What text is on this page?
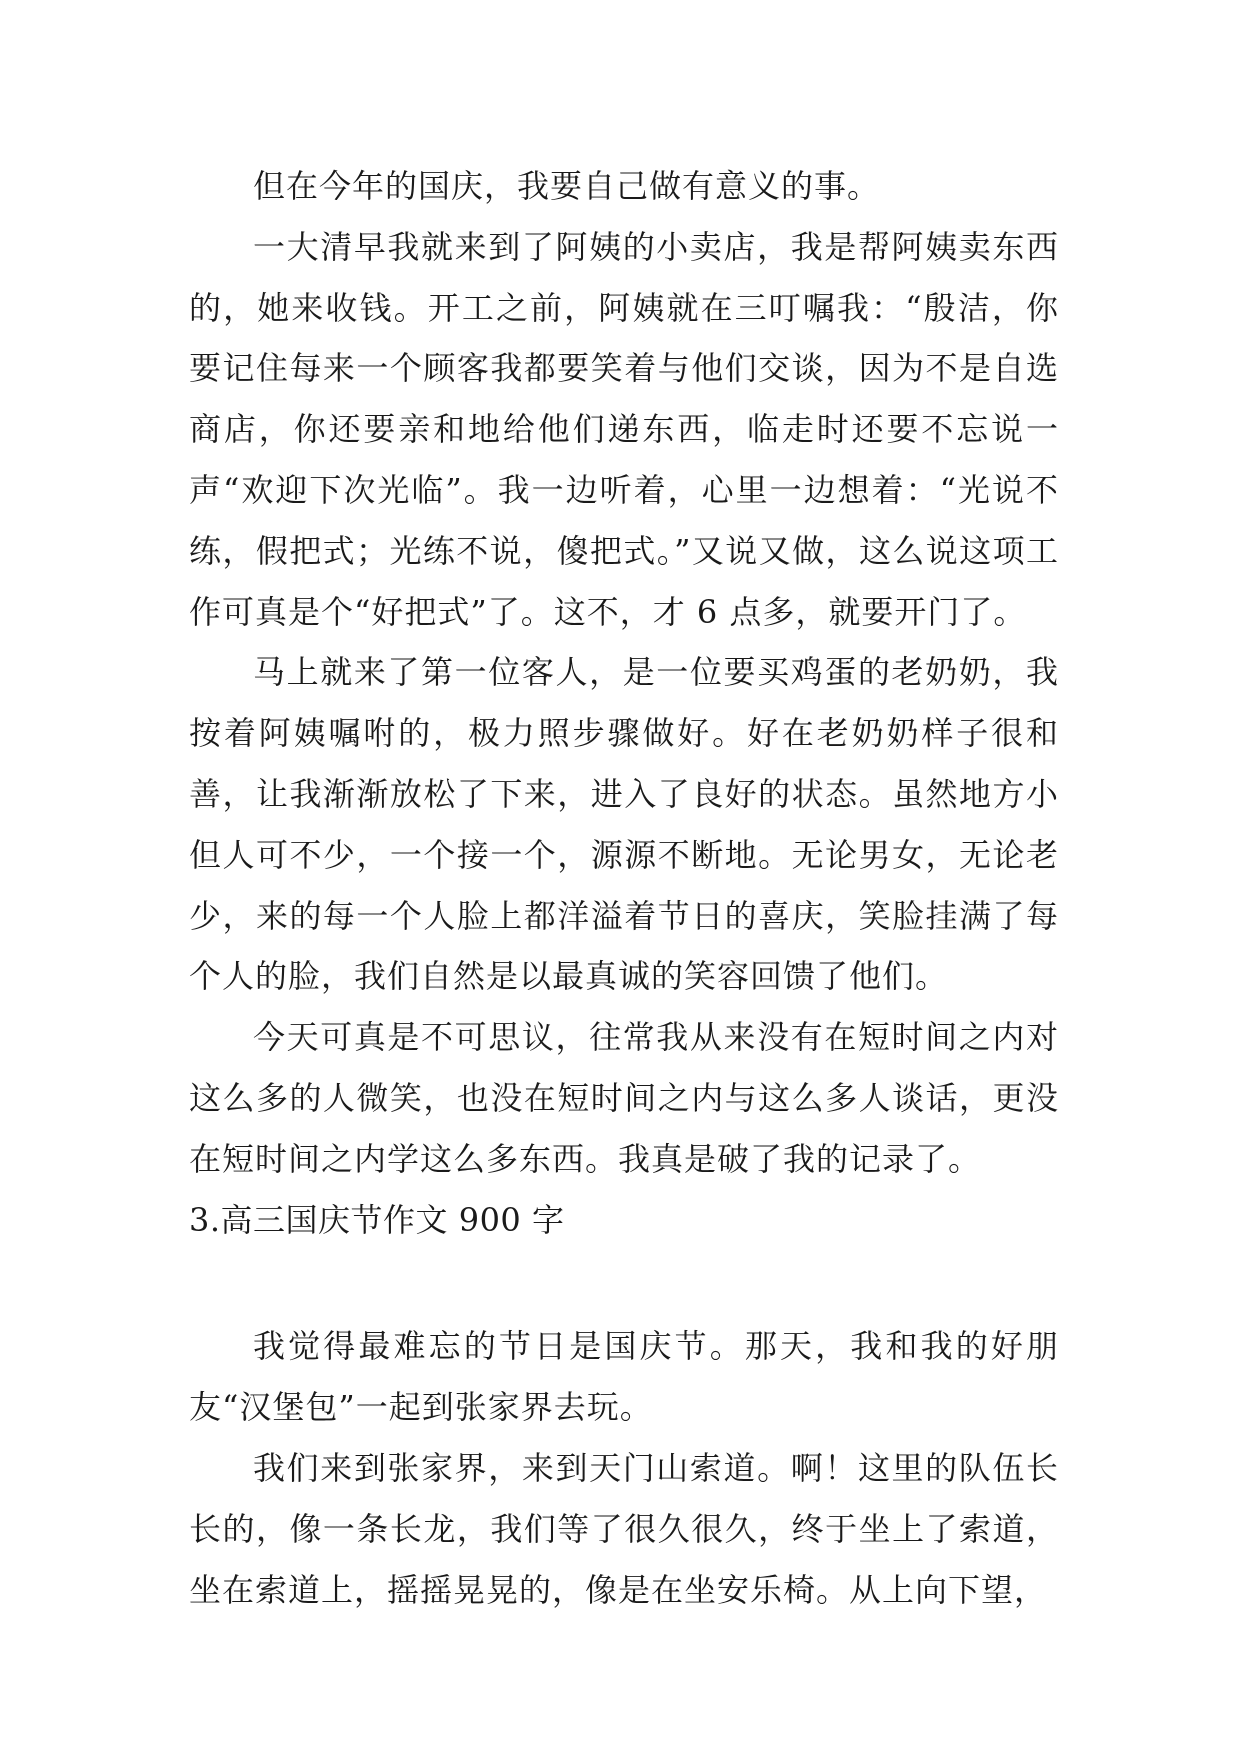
但在今年的国庆，我要自己做有意义的事。

一大清早我就来到了阿姨的小卖店，我是帮阿姨卖东西的，她来收钱。开工之前，阿姨就在三叮嘱我：“殷洁，你要记住每来一个顾客我都要笑着与他们交谈，因为不是自选商店，你还要亲和地给他们递东西，临走时还要不忘说一声“欢迎下次光临”。我一边听着，心里一边想着：“光说不练，假把式；光练不说，傻把式。”又说又做，这么说这项工作可真是个“好把式”了。这不，才 6 点多，就要开门了。

马上就来了第一位客人，是一位要买鸡蛋的老奶奶，我按着阿姨嘱咐的，极力照步骤做好。好在老奶奶样子很和善，让我渐渐放松了下来，进入了良好的状态。虽然地方小但人可不少，一个接一个，源源不断地。无论男女，无论老少，来的每一个人脸上都洋溢着节日的喜庆，笑脸挂满了每个人的脸，我们自然是以最真诚的笑容回馈了他们。

今天可真是不可思议，往常我从来没有在短时间之内对这么多的人微笑，也没在短时间之内与这么多人谈话，更没在短时间之内学这么多东西。我真是破了我的记录了。

3.高三国庆节作文 900 字

我觉得最难忘的节日是国庆节。那天，我和我的好朋友“汉堡包”一起到张家界去玩。

我们来到张家界，来到天门山索道。啊！这里的队伍长长的，像一条长龙，我们等了很久很久，终于坐上了索道，坐在索道上，摇摇晃晃的，像是在坐安乐椅。从上向下望，
